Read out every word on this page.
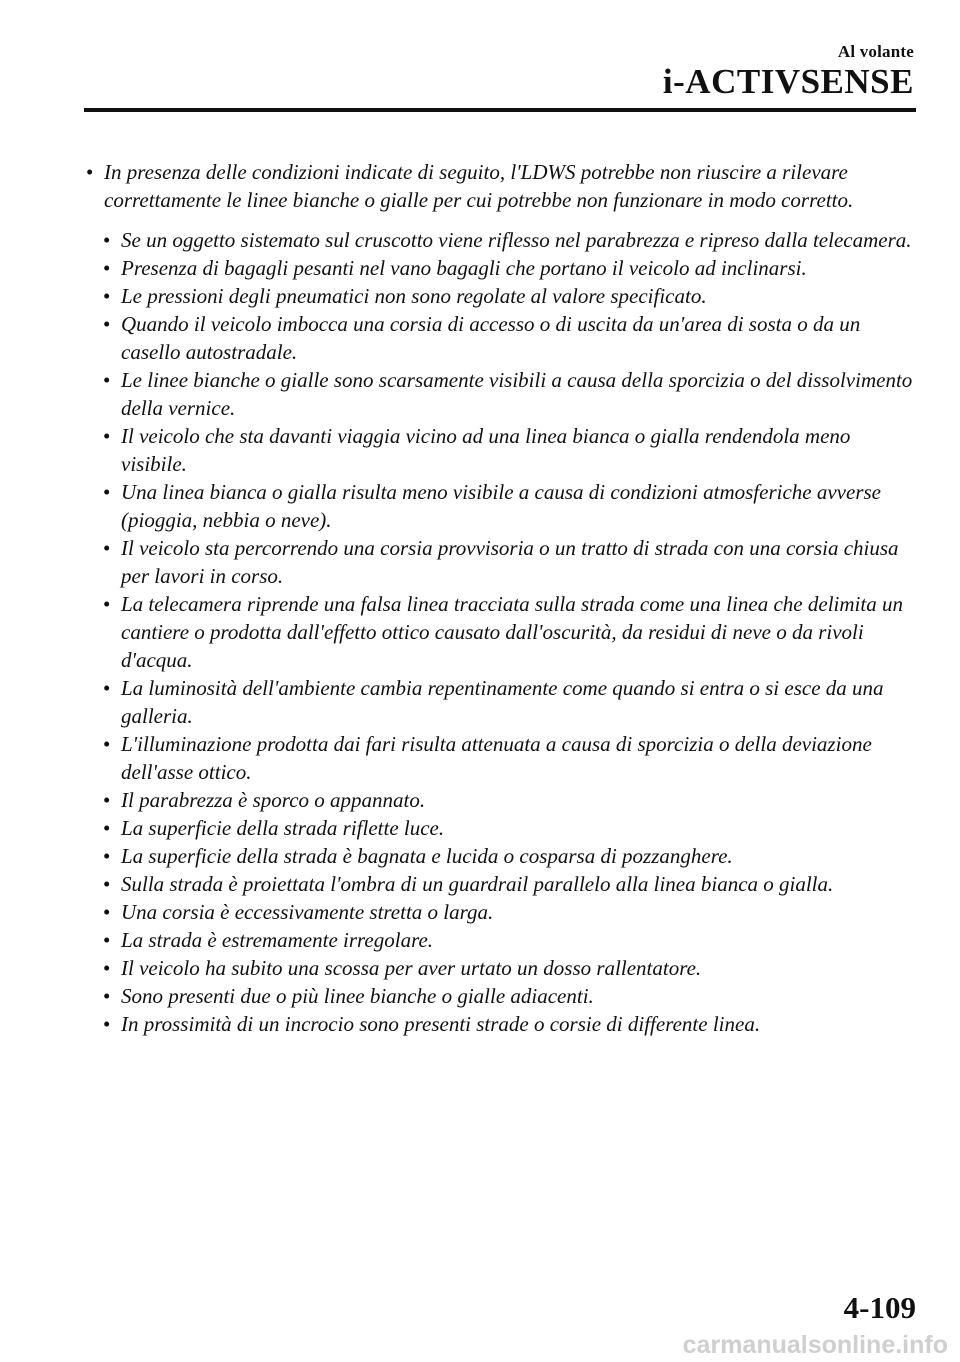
Al volante
i-ACTIVSENSE
• In presenza delle condizioni indicate di seguito, l'LDWS potrebbe non riuscire a rilevare correttamente le linee bianche o gialle per cui potrebbe non funzionare in modo corretto.
• Se un oggetto sistemato sul cruscotto viene riflesso nel parabrezza e ripreso dalla telecamera.
• Presenza di bagagli pesanti nel vano bagagli che portano il veicolo ad inclinarsi.
• Le pressioni degli pneumatici non sono regolate al valore specificato.
• Quando il veicolo imbocca una corsia di accesso o di uscita da un'area di sosta o da un casello autostradale.
• Le linee bianche o gialle sono scarsamente visibili a causa della sporcizia o del dissolvimento della vernice.
• Il veicolo che sta davanti viaggia vicino ad una linea bianca o gialla rendendola meno visibile.
• Una linea bianca o gialla risulta meno visibile a causa di condizioni atmosferiche avverse (pioggia, nebbia o neve).
• Il veicolo sta percorrendo una corsia provvisoria o un tratto di strada con una corsia chiusa per lavori in corso.
• La telecamera riprende una falsa linea tracciata sulla strada come una linea che delimita un cantiere o prodotta dall'effetto ottico causato dall'oscurità, da residui di neve o da rivoli d'acqua.
• La luminosità dell'ambiente cambia repentinamente come quando si entra o si esce da una galleria.
• L'illuminazione prodotta dai fari risulta attenuata a causa di sporcizia o della deviazione dell'asse ottico.
• Il parabrezza è sporco o appannato.
• La superficie della strada riflette luce.
• La superficie della strada è bagnata e lucida o cosparsa di pozzanghere.
• Sulla strada è proiettata l'ombra di un guardrail parallelo alla linea bianca o gialla.
• Una corsia è eccessivamente stretta o larga.
• La strada è estremamente irregolare.
• Il veicolo ha subito una scossa per aver urtato un dosso rallentatore.
• Sono presenti due o più linee bianche o gialle adiacenti.
• In prossimità di un incrocio sono presenti strade o corsie di differente linea.
4-109
carmanualsonline.info
